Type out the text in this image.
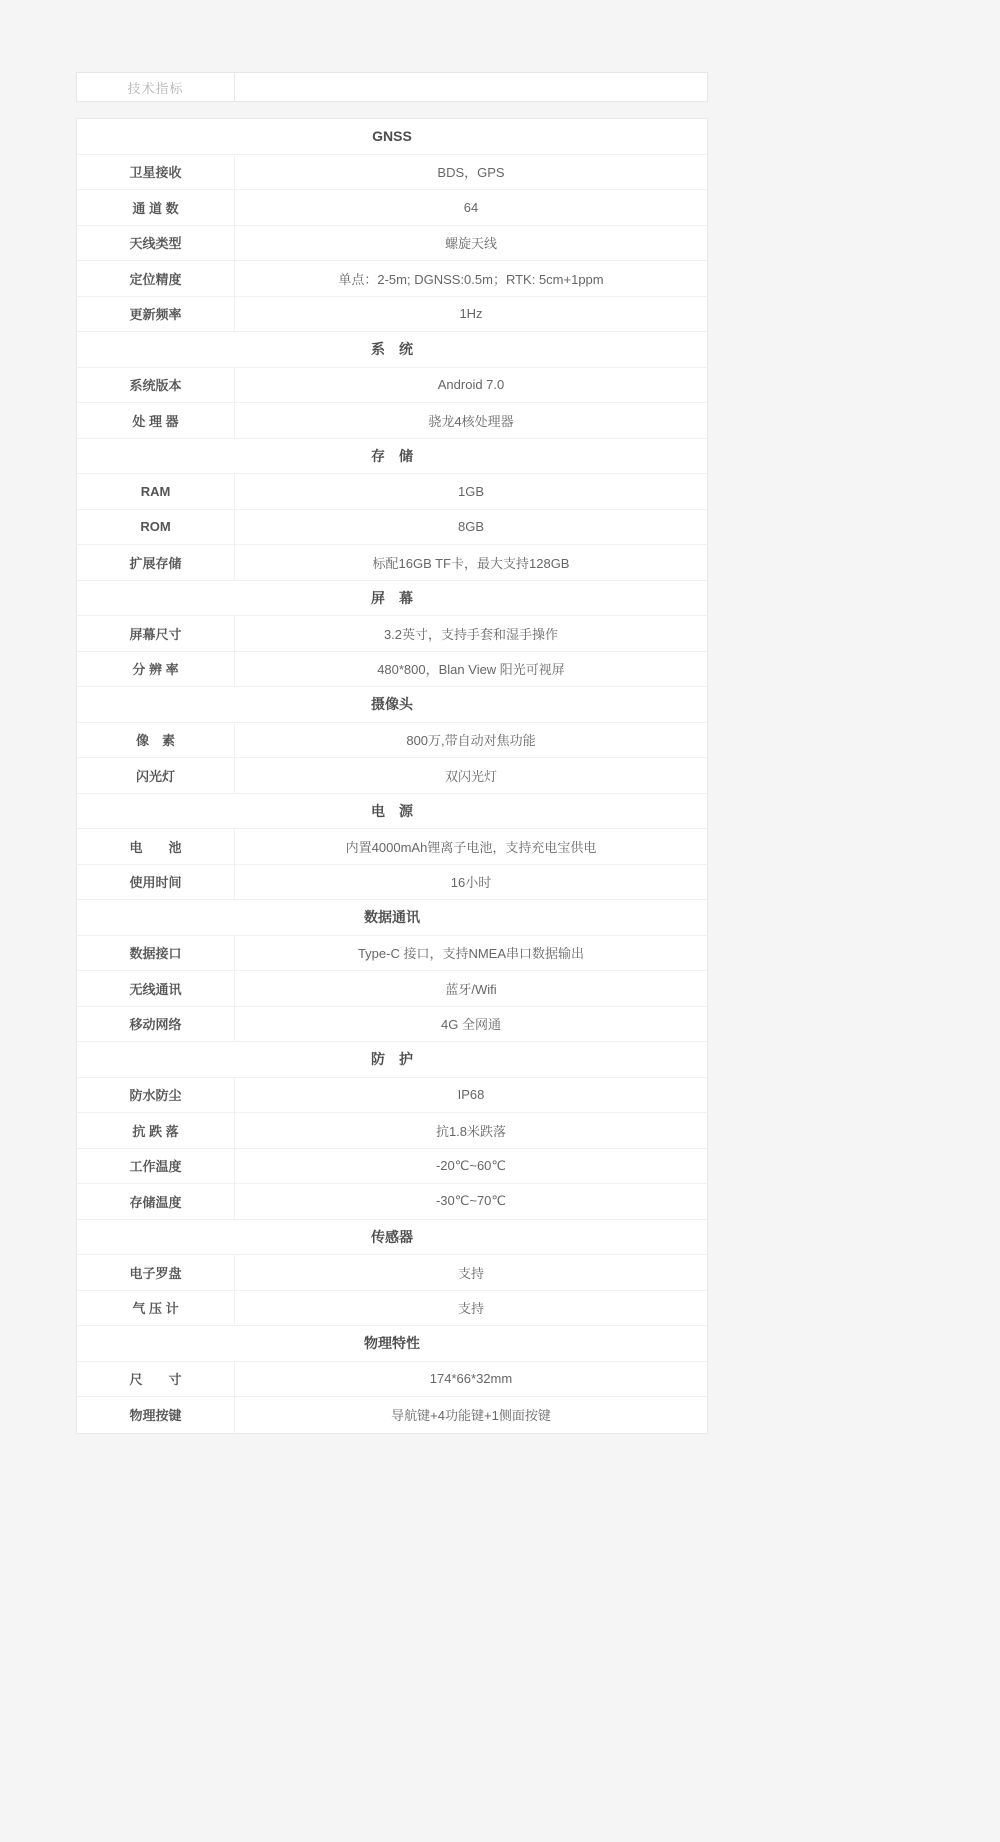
技术指标
GNSS
卫星接收	BDS，GPS
通 道 数	64
天线类型	螺旋天线
定位精度	单点：2-5m; DGNSS:0.5m；RTK: 5cm+1ppm
更新频率	1Hz
系　统
系统版本	Android 7.0
处 理 器	骁龙4核处理器
存　储
RAM	1GB
ROM	8GB
扩展存储	标配16GB TF卡，最大支持128GB
屏　幕
屏幕尺寸	3.2英寸，支持手套和湿手操作
分 辨 率	480*800，Blan View 阳光可视屏
摄像头
像　素	800万,带自动对焦功能
闪光灯	双闪光灯
电　源
电　　池	内置4000mAh锂离子电池，支持充电宝供电
使用时间	16小时
数据通讯
数据接口	Type-C 接口，支持NMEA串口数据输出
无线通讯	蓝牙/Wifi
移动网络	4G 全网通
防　护
防水防尘	IP68
抗 跌 落	抗1.8米跌落
工作温度	-20℃~60℃
存储温度	-30℃~70℃
传感器
电子罗盘	支持
气 压 计	支持
物理特性
尺　　寸	174*66*32mm
物理按键	导航键+4功能键+1侧面按键
